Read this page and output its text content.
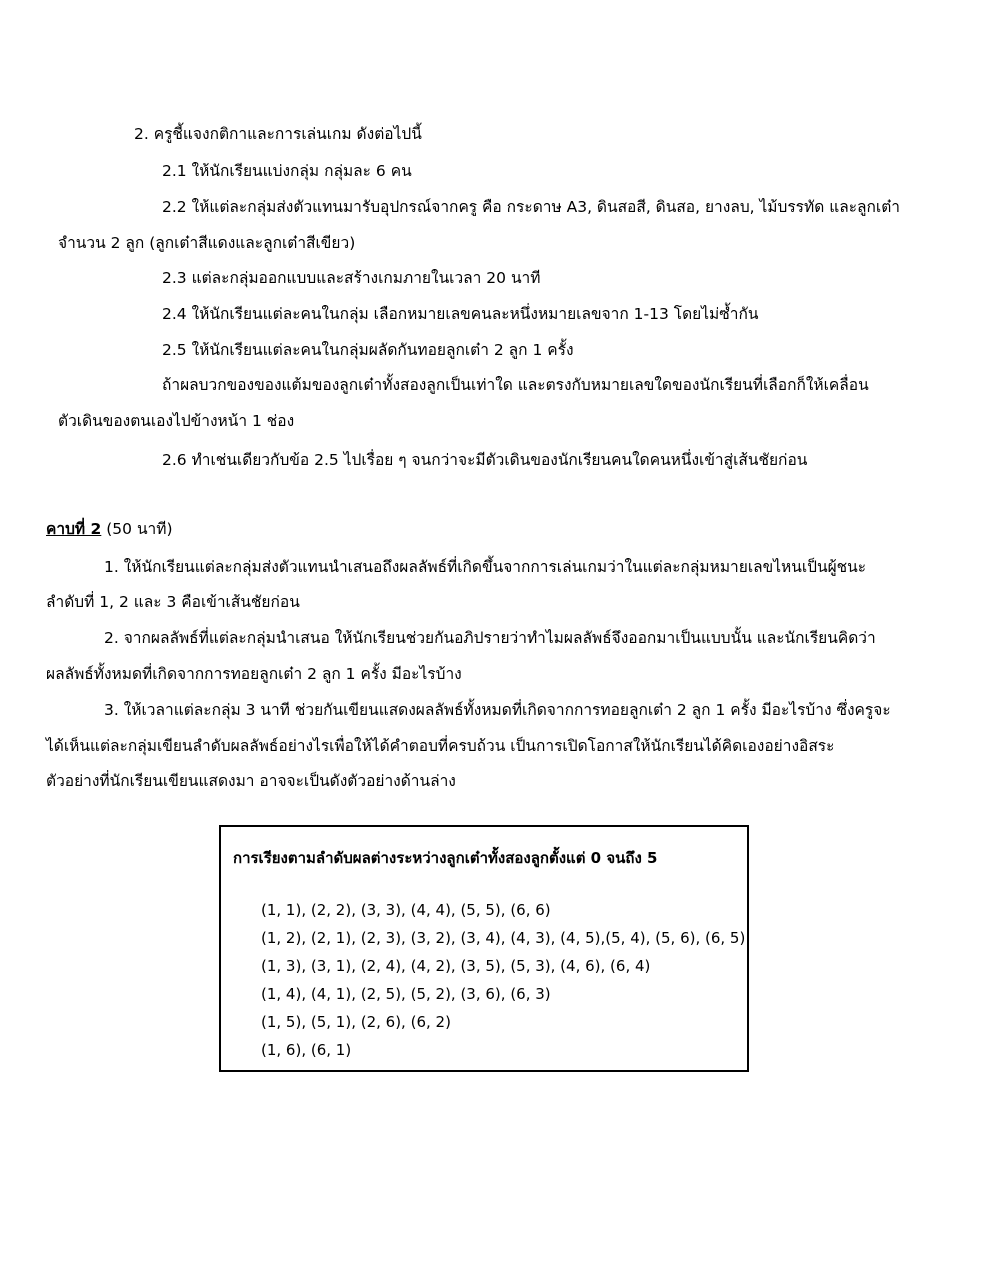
2. ครูชี้แจงกติกาและการเล่นเกม ดังต่อไปนี้
2.1 ให้นักเรียนแบ่งกลุ่ม กลุ่มละ 6 คน
2.2 ให้แต่ละกลุ่มส่งตัวแทนมารับอุปกรณ์จากครู คือ กระดาษ A3, ดินสอสี, ดินสอ, ยางลบ, ไม้บรรทัด และลูกเต๋า
จำนวน 2 ลูก (ลูกเต๋าสีแดงและลูกเต๋าสีเขียว)
2.3 แต่ละกลุ่มออกแบบและสร้างเกมภายในเวลา 20 นาที
2.4 ให้นักเรียนแต่ละคนในกลุ่ม เลือกหมายเลขคนละหนึ่งหมายเลขจาก 1-13 โดยไม่ซ้ำกัน
2.5 ให้นักเรียนแต่ละคนในกลุ่มผลัดกันทอยลูกเต๋า 2 ลูก 1 ครั้ง
ถ้าผลบวกของของแต้มของลูกเต๋าทั้งสองลูกเป็นเท่าใด และตรงกับหมายเลขใดของนักเรียนที่เลือกก็ให้เคลื่อน
ตัวเดินของตนเองไปข้างหน้า 1 ช่อง
2.6 ทำเช่นเดียวกับข้อ 2.5 ไปเรื่อย ๆ จนกว่าจะมีตัวเดินของนักเรียนคนใดคนหนึ่งเข้าสู่เส้นชัยก่อน
คาบที่ 2 (50 นาที)
1. ให้นักเรียนแต่ละกลุ่มส่งตัวแทนนำเสนอถึงผลลัพธ์ที่เกิดขึ้นจากการเล่นเกมว่าในแต่ละกลุ่มหมายเลขไหนเป็นผู้ชนะ
ลำดับที่ 1, 2 และ 3 คือเข้าเส้นชัยก่อน
2. จากผลลัพธ์ที่แต่ละกลุ่มนำเสนอ ให้นักเรียนช่วยกันอภิปรายว่าทำไมผลลัพธ์จึงออกมาเป็นแบบนั้น และนักเรียนคิดว่า
ผลลัพธ์ทั้งหมดที่เกิดจากการทอยลูกเต๋า 2 ลูก 1 ครั้ง มีอะไรบ้าง
3. ให้เวลาแต่ละกลุ่ม 3 นาที ช่วยกันเขียนแสดงผลลัพธ์ทั้งหมดที่เกิดจากการทอยลูกเต๋า 2 ลูก 1 ครั้ง มีอะไรบ้าง ซึ่งครูจะ
ได้เห็นแต่ละกลุ่มเขียนลำดับผลลัพธ์อย่างไรเพื่อให้ได้คำตอบที่ครบถ้วน เป็นการเปิดโอกาสให้นักเรียนได้คิดเองอย่างอิสระ
ตัวอย่างที่นักเรียนเขียนแสดงมา อาจจะเป็นดังตัวอย่างด้านล่าง
การเรียงตามลำดับผลต่างระหว่างลูกเต๋าทั้งสองลูกตั้งแต่ 0 จนถึง 5
(1, 1), (2, 2), (3, 3), (4, 4), (5, 5), (6, 6)
(1, 2), (2, 1), (2, 3), (3, 2), (3, 4), (4, 3), (4, 5),(5, 4), (5, 6), (6, 5)
(1, 3), (3, 1), (2, 4), (4, 2), (3, 5), (5, 3), (4, 6), (6, 4)
(1, 4), (4, 1), (2, 5), (5, 2), (3, 6), (6, 3)
(1, 5), (5, 1), (2, 6), (6, 2)
(1, 6), (6, 1)
